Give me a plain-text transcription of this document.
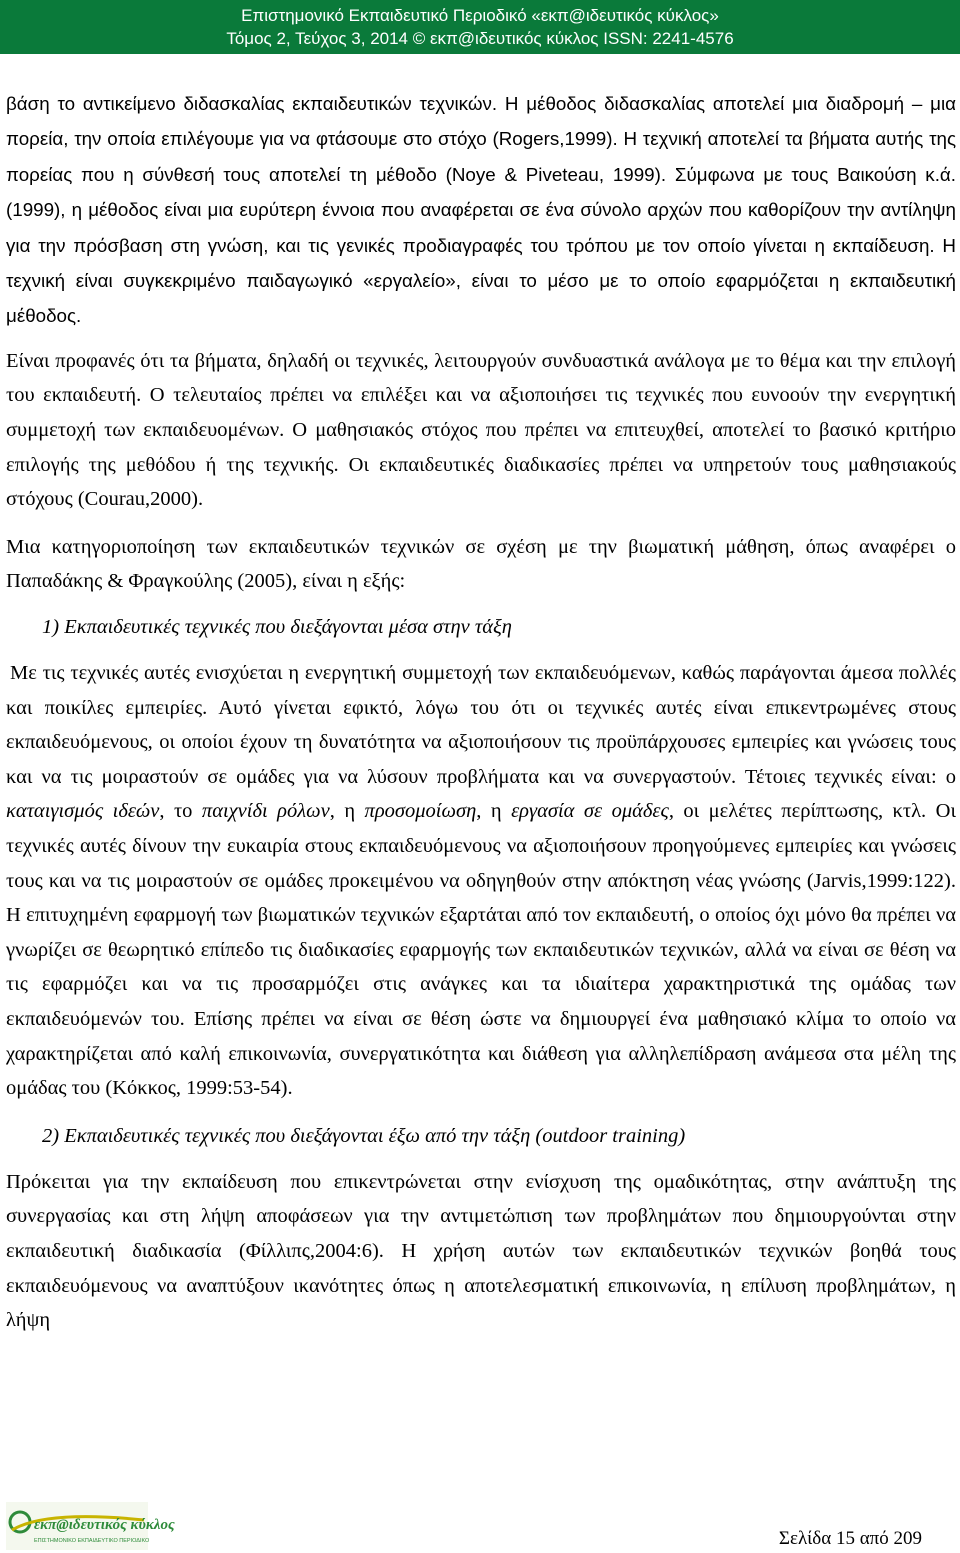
Επιστημονικό Εκπαιδευτικό Περιοδικό «εκπ@ιδευτικός κύκλος»
Τόμος 2, Τεύχος 3, 2014 © εκπ@ιδευτικός κύκλος ISSN: 2241-4576

βάση το αντικείμενο διδασκαλίας εκπαιδευτικών τεχνικών. Η μέθοδος διδασκαλίας αποτελεί μια διαδρομή – μια πορεία, την οποία επιλέγουμε για να φτάσουμε στο στόχο (Rogers,1999). Η τεχνική αποτελεί τα βήματα αυτής της πορείας που η σύνθεσή τους αποτελεί τη μέθοδο (Noye & Piveteau, 1999). Σύμφωνα με τους Βαικούση κ.ά. (1999), η μέθοδος είναι μια ευρύτερη έννοια που αναφέρεται σε ένα σύνολο αρχών που καθορίζουν την αντίληψη για την πρόσβαση στη γνώση, και τις γενικές προδιαγραφές του τρόπου με τον οποίο γίνεται η εκπαίδευση. Η τεχνική είναι συγκεκριμένο παιδαγωγικό «εργαλείο», είναι το μέσο με το οποίο εφαρμόζεται η εκπαιδευτική μέθοδος.

Είναι προφανές ότι τα βήματα, δηλαδή οι τεχνικές, λειτουργούν συνδυαστικά ανάλογα με το θέμα και την επιλογή του εκπαιδευτή. Ο τελευταίος πρέπει να επιλέξει και να αξιοποιήσει τις τεχνικές που ευνοούν την ενεργητική συμμετοχή των εκπαιδευομένων. Ο μαθησιακός στόχος που πρέπει να επιτευχθεί, αποτελεί το βασικό κριτήριο επιλογής της μεθόδου ή της τεχνικής. Οι εκπαιδευτικές διαδικασίες πρέπει να υπηρετούν τους μαθησιακούς στόχους (Courau,2000).

Μια κατηγοριοποίηση των εκπαιδευτικών τεχνικών σε σχέση με την βιωματική μάθηση, όπως αναφέρει ο Παπαδάκης & Φραγκούλης (2005), είναι η εξής:

1) Εκπαιδευτικές τεχνικές που διεξάγονται μέσα στην τάξη

Με τις τεχνικές αυτές ενισχύεται η ενεργητική συμμετοχή των εκπαιδευόμενων, καθώς παράγονται άμεσα πολλές και ποικίλες εμπειρίες. Αυτό γίνεται εφικτό, λόγω του ότι οι τεχνικές αυτές είναι επικεντρωμένες στους εκπαιδευόμενους, οι οποίοι έχουν τη δυνατότητα να αξιοποιήσουν τις προϋπάρχουσες εμπειρίες και γνώσεις τους και να τις μοιραστούν σε ομάδες για να λύσουν προβλήματα και να συνεργαστούν. Τέτοιες τεχνικές είναι: ο καταιγισμός ιδεών, το παιχνίδι ρόλων, η προσομοίωση, η εργασία σε ομάδες, οι μελέτες περίπτωσης, κτλ. Οι τεχνικές αυτές δίνουν την ευκαιρία στους εκπαιδευόμενους να αξιοποιήσουν προηγούμενες εμπειρίες και γνώσεις τους και να τις μοιραστούν σε ομάδες προκειμένου να οδηγηθούν στην απόκτηση νέας γνώσης (Jarvis,1999:122). Η επιτυχημένη εφαρμογή των βιωματικών τεχνικών εξαρτάται από τον εκπαιδευτή, ο οποίος όχι μόνο θα πρέπει να γνωρίζει σε θεωρητικό επίπεδο τις διαδικασίες εφαρμογής των εκπαιδευτικών τεχνικών, αλλά να είναι σε θέση να τις εφαρμόζει και να τις προσαρμόζει στις ανάγκες και τα ιδιαίτερα χαρακτηριστικά της ομάδας των εκπαιδευόμενών του. Επίσης πρέπει να είναι σε θέση ώστε να δημιουργεί ένα μαθησιακό κλίμα το οποίο να χαρακτηρίζεται από καλή επικοινωνία, συνεργατικότητα και διάθεση για αλληλεπίδραση ανάμεσα στα μέλη της ομάδας του (Κόκκος, 1999:53-54).

2) Εκπαιδευτικές τεχνικές που διεξάγονται έξω από την τάξη (outdoor training)

Πρόκειται για την εκπαίδευση που επικεντρώνεται στην ενίσχυση της ομαδικότητας, στην ανάπτυξη της συνεργασίας και στη λήψη αποφάσεων για την αντιμετώπιση των προβλημάτων που δημιουργούνται στην εκπαιδευτική διαδικασία (Φίλλιπς,2004:6). Η χρήση αυτών των εκπαιδευτικών τεχνικών βοηθά τους εκπαιδευόμενους να αναπτύξουν ικανότητες όπως η αποτελεσματική επικοινωνία, η επίλυση προβλημάτων, η λήψη

εκπ@ιδευτικός κύκλος
ΕΠΙΣΤΗΜΟΝΙΚΟ ΕΚΠΑΙΔΕΥΤΙΚΟ ΠΕΡΙΟΔΙΚΟ	Σελίδα 15 από 209
